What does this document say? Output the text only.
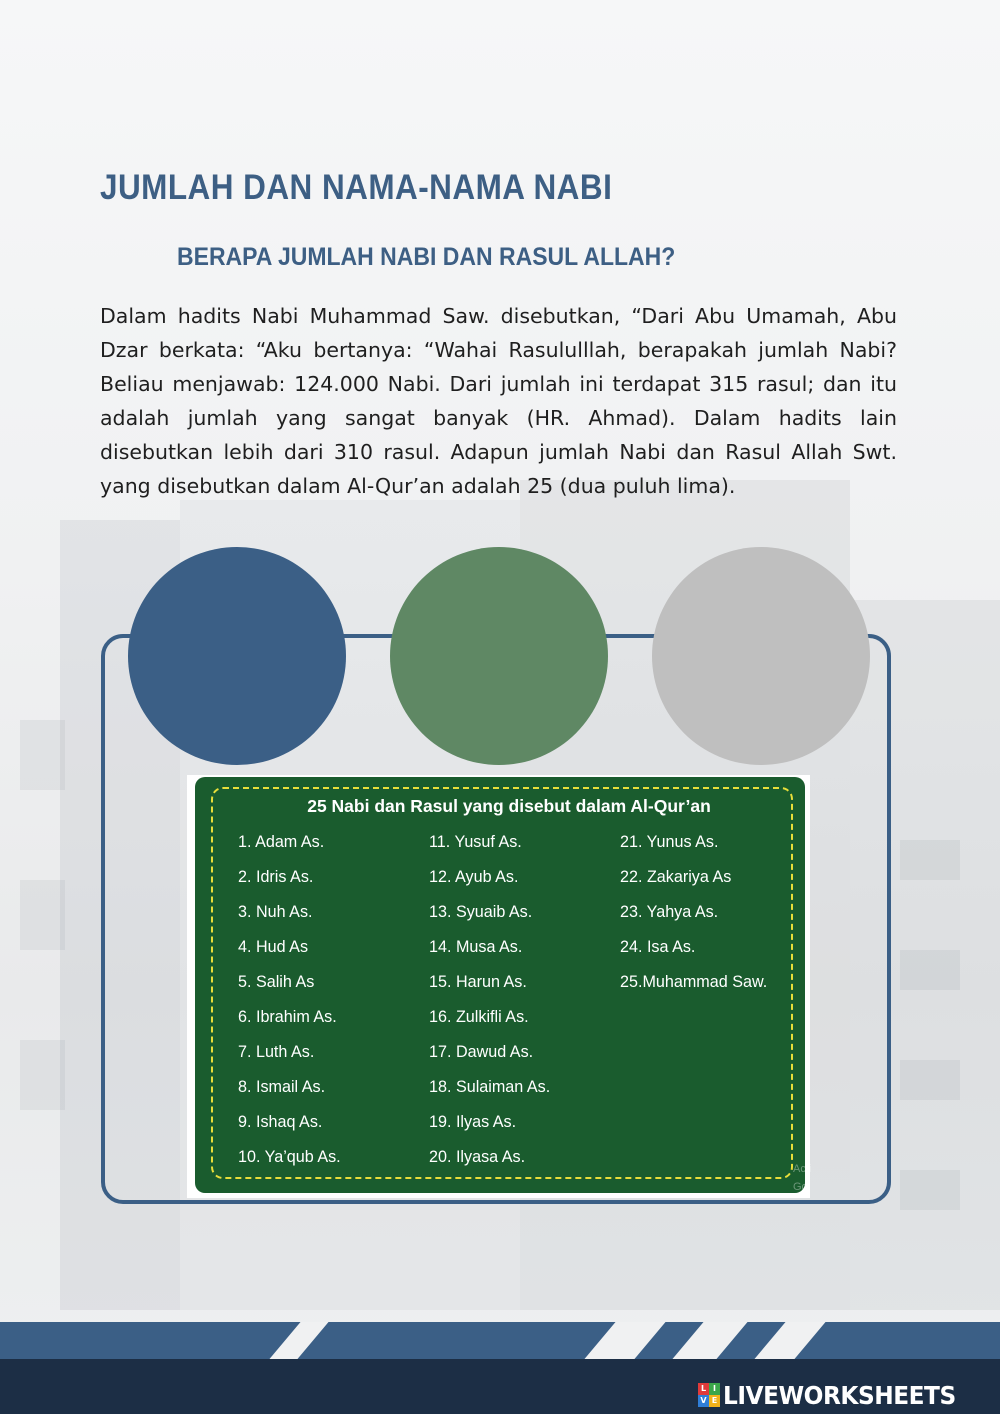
JUMLAH DAN NAMA-NAMA NABI
BERAPA JUMLAH NABI DAN RASUL ALLAH?

Dalam hadits Nabi Muhammad Saw. disebutkan, “Dari Abu Umamah, Abu Dzar berkata: “Aku bertanya: “Wahai Rasululllah, berapakah jumlah Nabi? Beliau menjawab: 124.000 Nabi. Dari jumlah ini terdapat 315 rasul; dan itu adalah jumlah yang sangat banyak (HR. Ahmad). Dalam hadits lain disebutkan lebih dari 310 rasul. Adapun jumlah Nabi dan Rasul Allah Swt. yang disebutkan dalam Al-Qur’an adalah 25 (dua puluh lima).

25 Nabi dan Rasul yang disebut dalam Al-Qur’an
1. Adam As.
2. Idris As.
3. Nuh As.
4. Hud As
5. Salih As
6. Ibrahim As.
7. Luth As.
8. Ismail As.
9. Ishaq As.
10. Ya’qub As.
11. Yusuf As.
12. Ayub As.
13. Syuaib As.
14. Musa As.
15. Harun As.
16. Zulkifli As.
17. Dawud As.
18. Sulaiman As.
19. Ilyas As.
20. Ilyasa As.
21. Yunus As.
22. Zakariya As
23. Yahya As.
24. Isa As.
25.Muhammad Saw.
Acti
Go
L I
V E LIVEWORKSHEETS
